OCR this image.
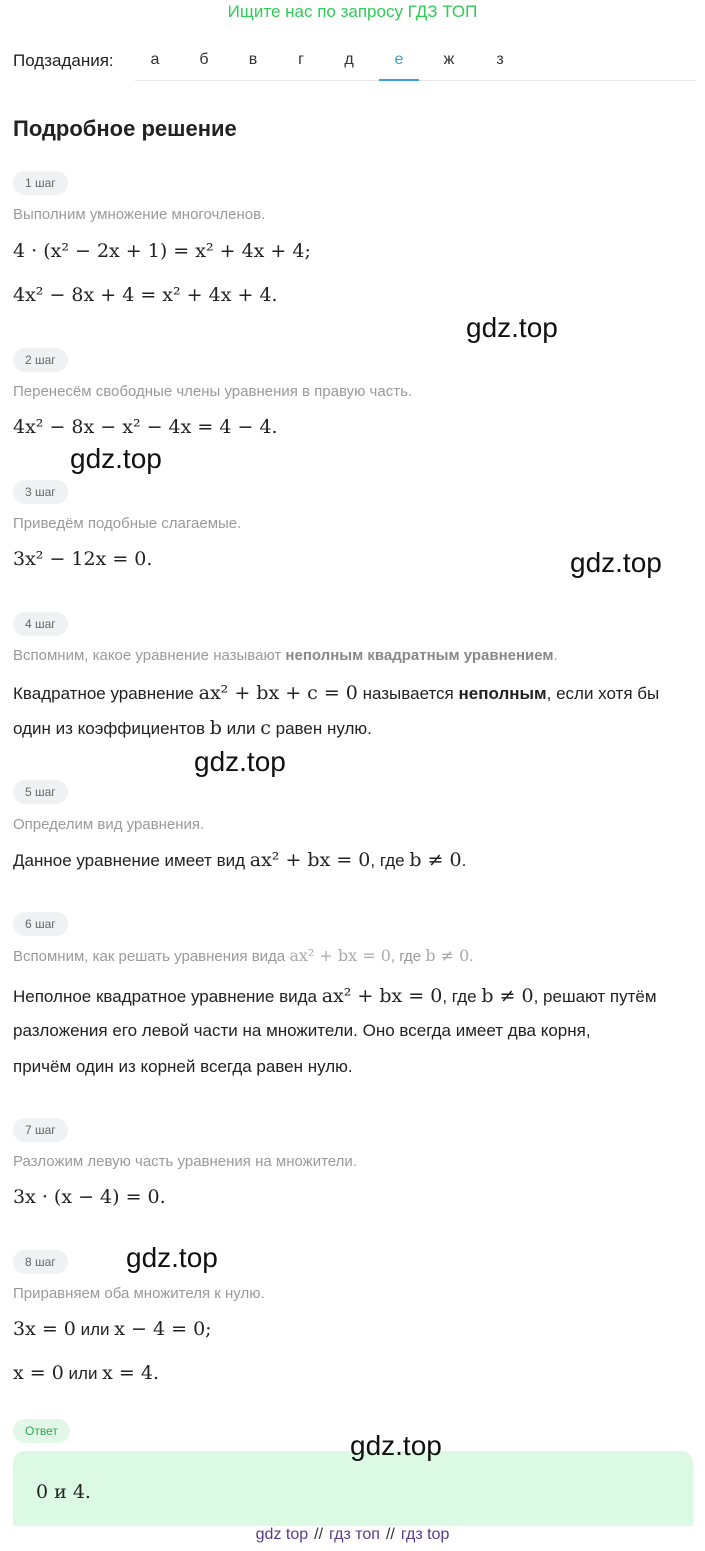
Ищите нас по запросу ГДЗ ТОП
Подзадания:	а	б	в	г	д	е	ж	з
Подробное решение
1 шаг
Выполним умножение многочленов.
4 · (x² − 2x + 1) = x² + 4x + 4;
4x² − 8x + 4 = x² + 4x + 4.
gdz.top
2 шаг
Перенесём свободные члены уравнения в правую часть.
4x² − 8x − x² − 4x = 4 − 4.
gdz.top
3 шаг
Приведём подобные слагаемые.
3x² − 12x = 0.	gdz.top
4 шаг
Вспомним, какое уравнение называют неполным квадратным уравнением.
Квадратное уравнение ax² + bx + c = 0 называется неполным, если хотя бы
один из коэффициентов b или c равен нулю.
gdz.top
5 шаг
Определим вид уравнения.
Данное уравнение имеет вид ax² + bx = 0, где b ≠ 0.
6 шаг
Вспомним, как решать уравнения вида ax² + bx = 0, где b ≠ 0.
Неполное квадратное уравнение вида ax² + bx = 0, где b ≠ 0, решают путём
разложения его левой части на множители. Оно всегда имеет два корня,
причём один из корней всегда равен нулю.
7 шаг
Разложим левую часть уравнения на множители.
3x · (x − 4) = 0.
8 шаг	gdz.top
Приравняем оба множителя к нулю.
3x = 0 или x − 4 = 0;
x = 0 или x = 4.
Ответ
0 и 4.
gdz.top
gdz top // гдз топ // гдз top
